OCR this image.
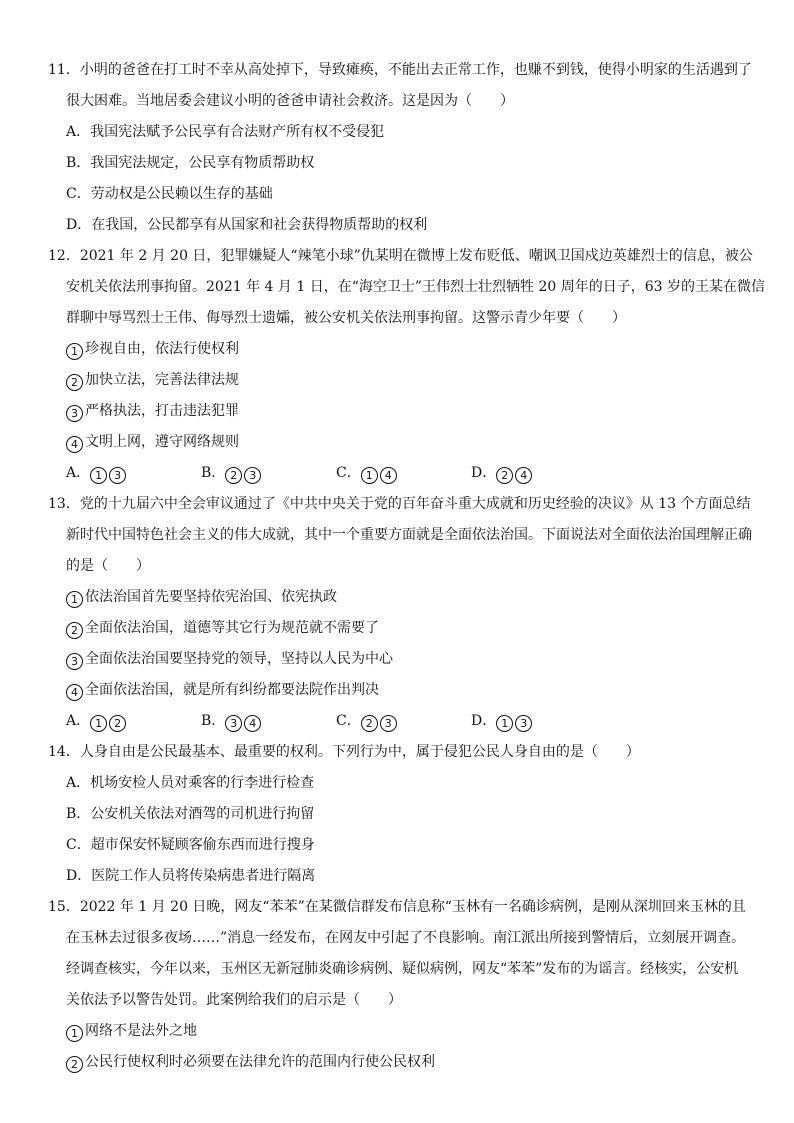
11．小明的爸爸在打工时不幸从高处掉下，导致瘫痪，不能出去正常工作，也赚不到钱，使得小明家的生活遇到了

很大困难。当地居委会建议小明的爸爸申请社会救济。这是因为（　　）

A．我国宪法赋予公民享有合法财产所有权不受侵犯

B．我国宪法规定，公民享有物质帮助权

C．劳动权是公民赖以生存的基础

D．在我国，公民都享有从国家和社会获得物质帮助的权利

12．2021 年 2 月 20 日，犯罪嫌疑人“辣笔小球”仇某明在微博上发布贬低、嘲讽卫国戍边英雄烈士的信息，被公

安机关依法刑事拘留。2021 年 4 月 1 日，在“海空卫士”王伟烈士壮烈牺牲 20 周年的日子，63 岁的王某在微信

群聊中辱骂烈士王伟、侮辱烈士遗孀，被公安机关依法刑事拘留。这警示青少年要（　　）

1 珍视自由，依法行使权利

2 加快立法，完善法律法规

3 严格执法，打击违法犯罪

4 文明上网，遵守网络规则

A． 1 3	B． 2 3	C． 1 4	D． 2 4

13．党的十九届六中全会审议通过了《中共中央关于党的百年奋斗重大成就和历史经验的决议》从 13 个方面总结

新时代中国特色社会主义的伟大成就，其中一个重要方面就是全面依法治国。下面说法对全面依法治国理解正确

的是（　　）

1 依法治国首先要坚持依宪治国、依宪执政

2 全面依法治国，道德等其它行为规范就不需要了

3 全面依法治国要坚持党的领导，坚持以人民为中心

4 全面依法治国，就是所有纠纷都要法院作出判决

A． 1 2	B． 3 4	C． 2 3	D． 1 3

14．人身自由是公民最基本、最重要的权利。下列行为中，属于侵犯公民人身自由的是（　　）

A．机场安检人员对乘客的行李进行检查

B．公安机关依法对酒驾的司机进行拘留

C．超市保安怀疑顾客偷东西而进行搜身

D．医院工作人员将传染病患者进行隔离

15．2022 年 1 月 20 日晚，网友“苯苯”在某微信群发布信息称“玉林有一名确诊病例，是刚从深圳回来玉林的且

在玉林去过很多夜场……”消息一经发布，在网友中引起了不良影响。南江派出所接到警情后，立刻展开调查。

经调查核实，今年以来，玉州区无新冠肺炎确诊病例、疑似病例，网友“苯苯”发布的为谣言。经核实，公安机

关依法予以警告处罚。此案例给我们的启示是（　　）

1 网络不是法外之地

2 公民行使权利时必须要在法律允许的范围内行使公民权利
